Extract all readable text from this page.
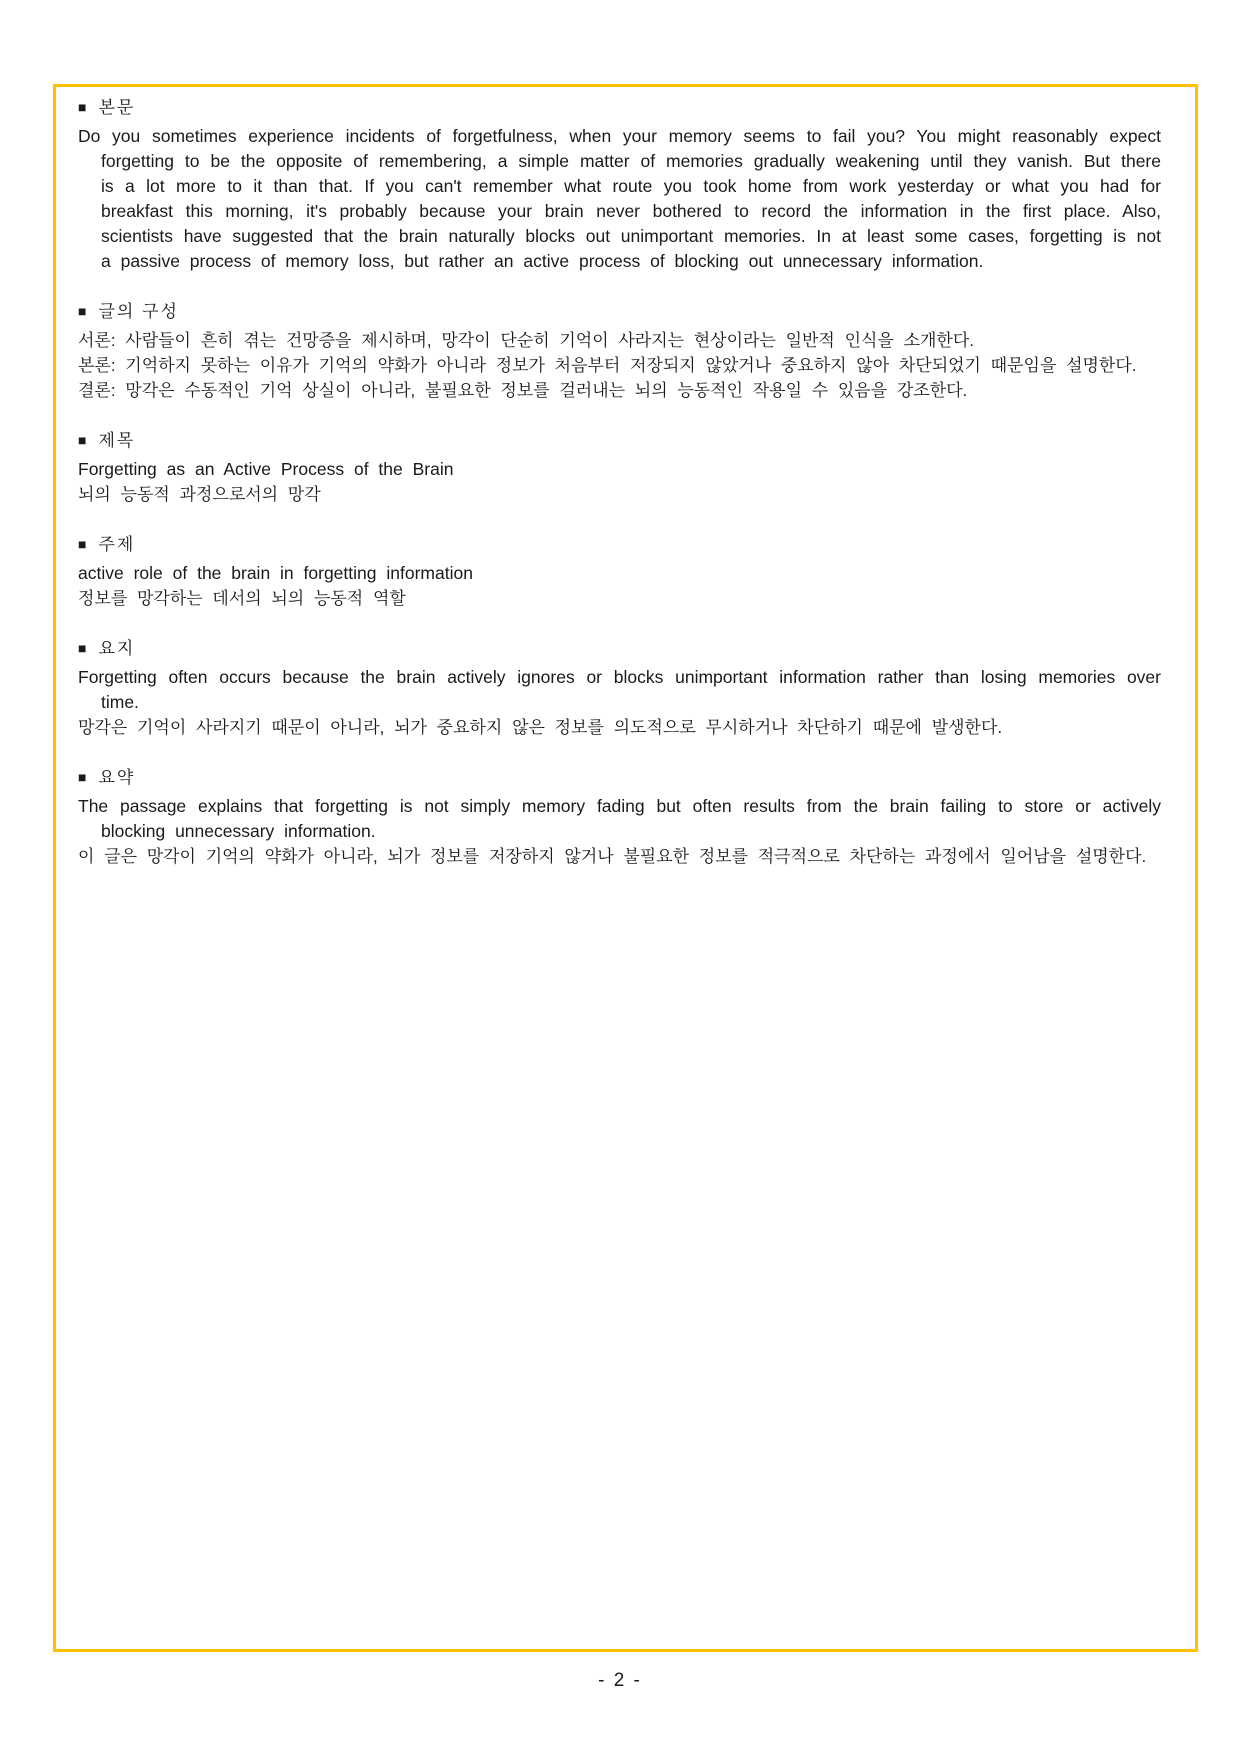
■ 본문

Do you sometimes experience incidents of forgetfulness, when your memory seems to fail you? You might reasonably expect forgetting to be the opposite of remembering, a simple matter of memories gradually weakening until they vanish. But there is a lot more to it than that. If you can't remember what route you took home from work yesterday or what you had for breakfast this morning, it's probably because your brain never bothered to record the information in the first place. Also, scientists have suggested that the brain naturally blocks out unimportant memories. In at least some cases, forgetting is not a passive process of memory loss, but rather an active process of blocking out unnecessary information.

■ 글의 구성

서론: 사람들이 흔히 겪는 건망증을 제시하며, 망각이 단순히 기억이 사라지는 현상이라는 일반적 인식을 소개한다.

본론: 기억하지 못하는 이유가 기억의 약화가 아니라 정보가 처음부터 저장되지 않았거나 중요하지 않아 차단되었기 때문임을 설명한다.

결론: 망각은 수동적인 기억 상실이 아니라, 불필요한 정보를 걸러내는 뇌의 능동적인 작용일 수 있음을 강조한다.

■ 제목

Forgetting as an Active Process of the Brain

뇌의 능동적 과정으로서의 망각

■ 주제

active role of the brain in forgetting information

정보를 망각하는 데서의 뇌의 능동적 역할

■ 요지

Forgetting often occurs because the brain actively ignores or blocks unimportant information rather than losing memories over time.

망각은 기억이 사라지기 때문이 아니라, 뇌가 중요하지 않은 정보를 의도적으로 무시하거나 차단하기 때문에 발생한다.

■ 요약

The passage explains that forgetting is not simply memory fading but often results from the brain failing to store or actively blocking unnecessary information.

이 글은 망각이 기억의 약화가 아니라, 뇌가 정보를 저장하지 않거나 불필요한 정보를 적극적으로 차단하는 과정에서 일어남을 설명한다.

- 2 -
